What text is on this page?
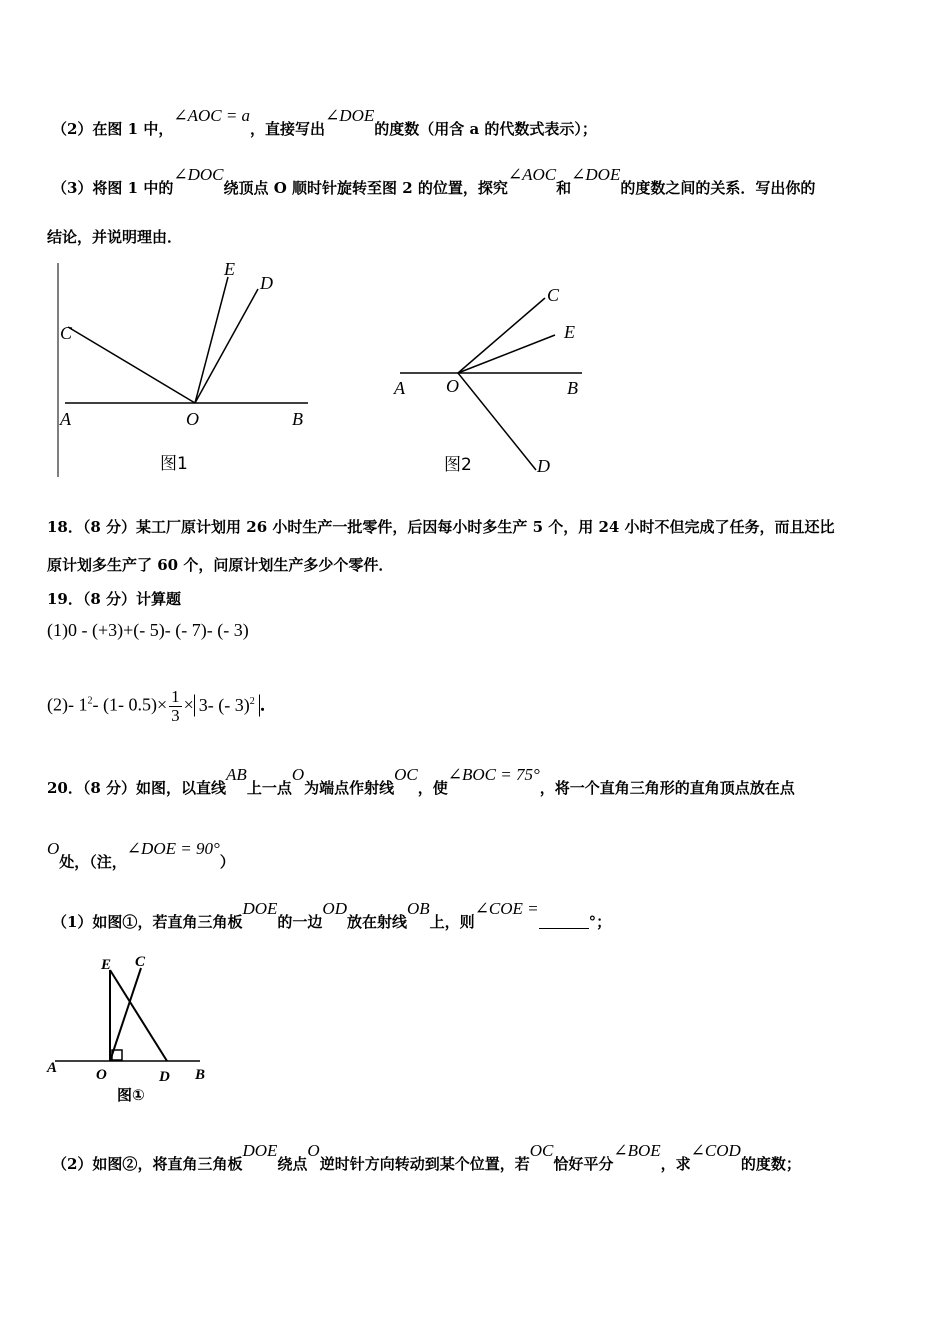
（2）在图 1 中，∠AOC = a，直接写出∠DOE的度数（用含 a 的代数式表示）；
（3）将图 1 中的∠DOC绕顶点 O 顺时针旋转至图 2 的位置，探究∠AOC和∠DOE的度数之间的关系．写出你的
结论，并说明理由．
C
E
D
A	O	B
图1
C
E
A O	B
D
图2
18．（8 分）某工厂原计划用 26 小时生产一批零件，后因每小时多生产 5 个，用 24 小时不但完成了任务，而且还比
原计划多生产了 60 个，问原计划生产多少个零件．
19．（8 分）计算题
(1)0 - (+3)+(- 5)- (- 7)- (- 3)
(2)- $1^2-$ (1- $0.5)\times \frac{1}{3} \times 3-$ (- 3)$^2$ ．
20．（8 分）如图，以直线AB上一点O为端点作射线OC，使∠BOC = 75°，将一个直角三角形的直角顶点放在点
O处，（注，∠DOE = 90°）
（1）如图①，若直角三角板DOE的一边OD放在射线OB上，则∠COE =°；
E C
A	O	D B
图①
（2）如图②，将直角三角板DOE绕点O逆时针方向转动到某个位置，若OC恰好平分∠BOE，求∠COD的度数；
